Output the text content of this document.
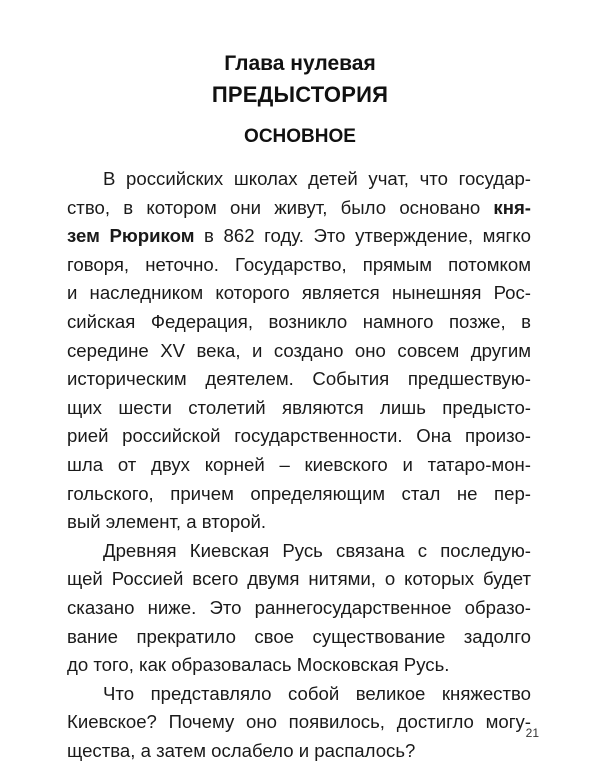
Глава нулевая
ПРЕДЫСТОРИЯ
ОСНОВНОЕ
В российских школах детей учат, что государ-
ство, в котором они живут, было основано кня-
зем Рюриком в 862 году. Это утверждение, мягко
говоря, неточно. Государство, прямым потомком
и наследником которого является нынешняя Рос-
сийская Федерация, возникло намного позже, в
середине XV века, и создано оно совсем другим
историческим деятелем. События предшествую-
щих шести столетий являются лишь предысто-
рией российской государственности. Она произо-
шла от двух корней – киевского и татаро-мон-
гольского, причем определяющим стал не пер-
вый элемент, а второй.
Древняя Киевская Русь связана с последую-
щей Россией всего двумя нитями, о которых будет
сказано ниже. Это раннегосударственное образо-
вание прекратило свое существование задолго
до того, как образовалась Московская Русь.
Что представляло собой великое княжество
Киевское? Почему оно появилось, достигло могу-
щества, а затем ослабело и распалось?
21
